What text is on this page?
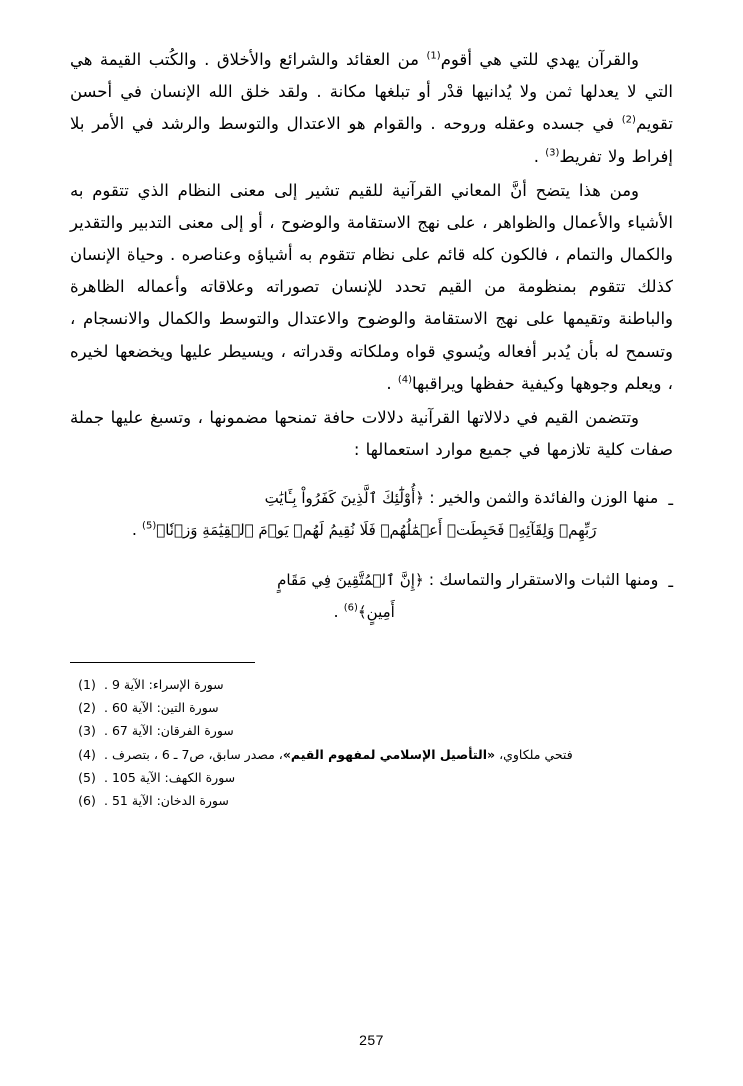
والقرآن يهدي للتي هي أقوم$^{(1)}$ من العقائد والشرائع والأخلاق . والكُتب القيمة هي التي لا يعدلها ثمن ولا يُدانيها قدْر أو تبلغها مكانة . ولقد خلق الله الإنسان في أحسن تقويم$^{(2)}$ في جسده وعقله وروحه . والقوام هو الاعتدال والتوسط والرشد في الأمر بلا إفراط ولا تفريط$^{(3)}$ .

ومن هذا يتضح أنَّ المعاني القرآنية للقيم تشير إلى معنى النظام الذي تتقوم به الأشياء والأعمال والظواهر ، على نهج الاستقامة والوضوح ، أو إلى معنى التدبير والتقدير والكمال والتمام ، فالكون كله قائم على نظام تتقوم به أشياؤه وعناصره . وحياة الإنسان كذلك تتقوم بمنظومة من القيم تحدد للإنسان تصوراته وعلاقاته وأعماله الظاهرة والباطنة وتقيمها على نهج الاستقامة والوضوح والاعتدال والتوسط والكمال والانسجام ، وتسمح له بأن يُدبر أفعاله ويُسوي قواه وملكاته وقدراته ، ويسيطر عليها ويخضعها لخيره ، ويعلم وجوهها وكيفية حفظها ويراقبها$^{(4)}$ .

وتتضمن القيم في دلالاتها القرآنية دلالات حافة تمنحها مضمونها ، وتسبغ عليها جملة صفات كلية تلازمها في جميع موارد استعمالها :

ـ
منها الوزن والفائدة والثمن والخير : ﴿أُوْلَٰٓئِكَ ٱلَّذِينَ كَفَرُواْ بِـَٔايَٰتِ
رَبِّهِمۡ وَلِقَآئِهِۦ فَحَبِطَتۡ أَعۡمَٰلُهُمۡ فَلَا نُقِيمُ لَهُمۡ يَوۡمَ ٱلۡقِيَٰمَةِ وَزۡنٗا﴾$^{(5)}$ .
ـ
ومنها الثبات والاستقرار والتماسك : ﴿إِنَّ ٱلۡمُتَّقِينَ فِي مَقَامٍ
أَمِينٍ﴾$^{(6)}$ .
سورة الإسراء: الآية 9 .
(1)
سورة التين: الآية 60 .
(2)
سورة الفرقان: الآية 67 .
(3)
فتحي ملكاوي، «التأصيل الإسلامي لمفهوم القيم»، مصدر سابق، ص7 ـ 6 ، بتصرف .
(4)
سورة الكهف: الآية 105 .
(5)
سورة الدخان: الآية 51 .
(6)
257
